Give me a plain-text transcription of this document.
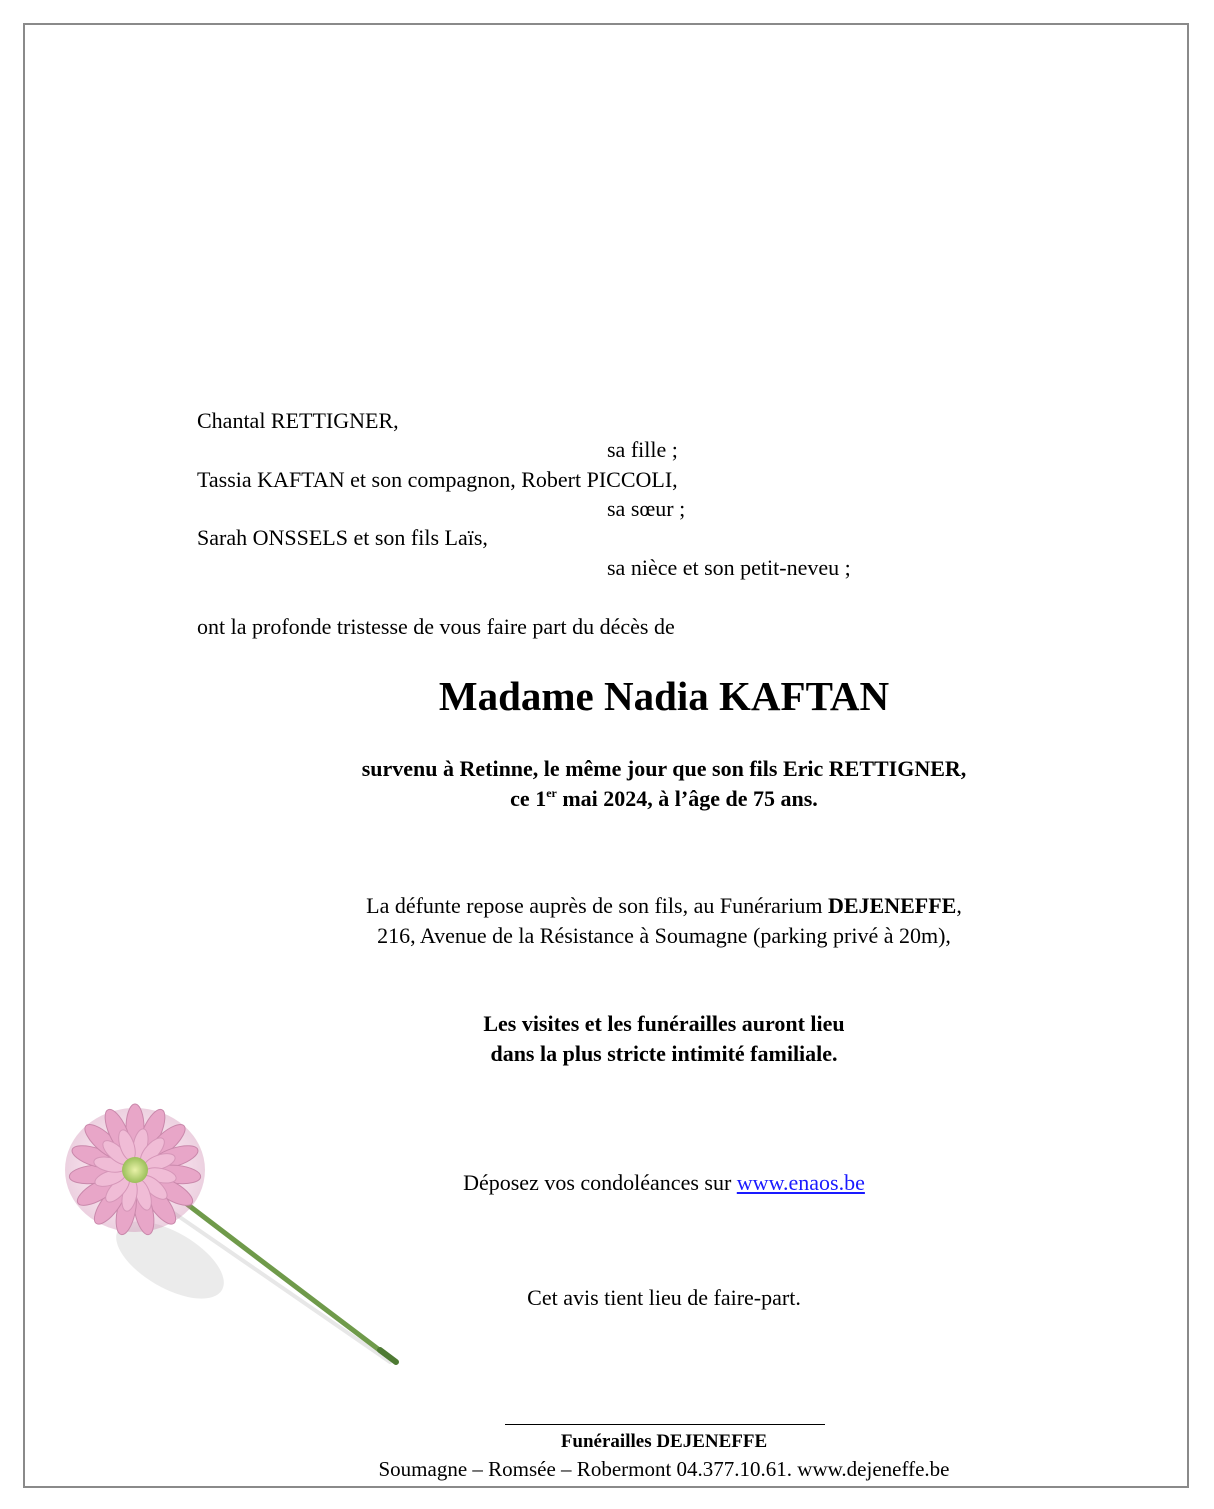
Chantal RETTIGNER,
sa fille ;
Tassia KAFTAN et son compagnon, Robert PICCOLI,
sa sœur ;
Sarah ONSSELS et son fils Laïs,
sa nièce et son petit-neveu ;
ont la profonde tristesse de vous faire part du décès de
Madame Nadia KAFTAN
survenu à Retinne, le même jour que son fils Eric RETTIGNER,
ce 1er mai 2024, à l’âge de 75 ans.
La défunte repose auprès de son fils, au Funérarium DEJENEFFE,
216, Avenue de la Résistance à Soumagne (parking privé à 20m),
Les visites et les funérailles auront lieu
dans la plus stricte intimité familiale.
Déposez vos condoléances sur www.enaos.be
Cet avis tient lieu de faire-part.
Funérailles DEJENEFFE
Soumagne – Romsée – Robermont 04.377.10.61. www.dejeneffe.be
